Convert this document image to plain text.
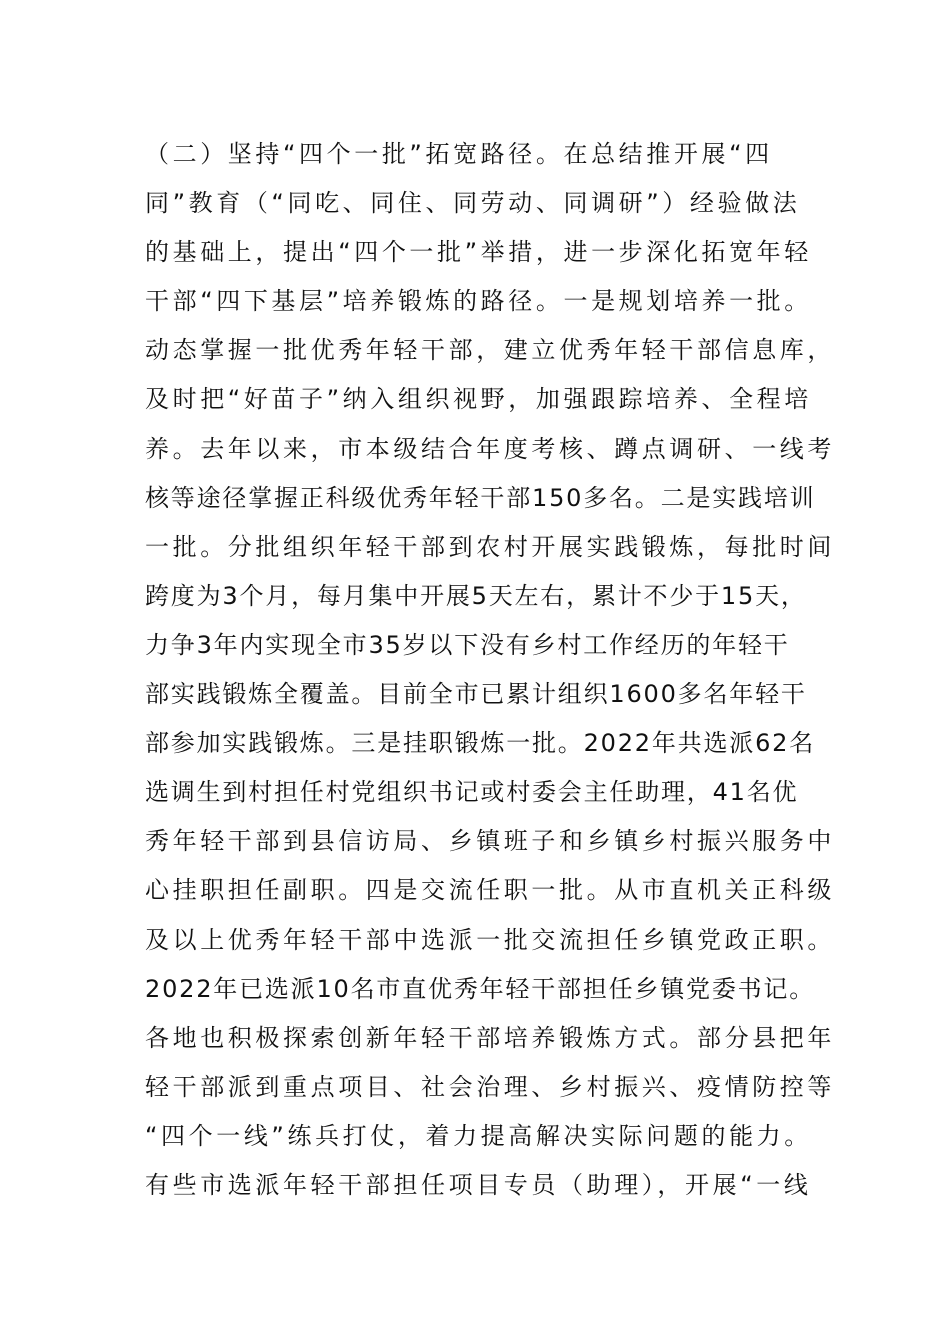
（二）坚持“四个一批”拓宽路径。在总结推开展“四
同”教育（“同吃、同住、同劳动、同调研”）经验做法
的基础上，提出“四个一批”举措，进一步深化拓宽年轻
干部“四下基层”培养锻炼的路径。一是规划培养一批。
动态掌握一批优秀年轻干部，建立优秀年轻干部信息库，
及时把“好苗子”纳入组织视野，加强跟踪培养、全程培
养。去年以来，市本级结合年度考核、蹲点调研、一线考
核等途径掌握正科级优秀年轻干部150多名。二是实践培训
一批。分批组织年轻干部到农村开展实践锻炼，每批时间
跨度为3个月，每月集中开展5天左右，累计不少于15天，
力争3年内实现全市35岁以下没有乡村工作经历的年轻干
部实践锻炼全覆盖。目前全市已累计组织1600多名年轻干
部参加实践锻炼。三是挂职锻炼一批。2022年共选派62名
选调生到村担任村党组织书记或村委会主任助理，41名优
秀年轻干部到县信访局、乡镇班子和乡镇乡村振兴服务中
心挂职担任副职。四是交流任职一批。从市直机关正科级
及以上优秀年轻干部中选派一批交流担任乡镇党政正职。
2022年已选派10名市直优秀年轻干部担任乡镇党委书记。
各地也积极探索创新年轻干部培养锻炼方式。部分县把年
轻干部派到重点项目、社会治理、乡村振兴、疫情防控等
“四个一线”练兵打仗，着力提高解决实际问题的能力。
有些市选派年轻干部担任项目专员（助理），开展“一线
